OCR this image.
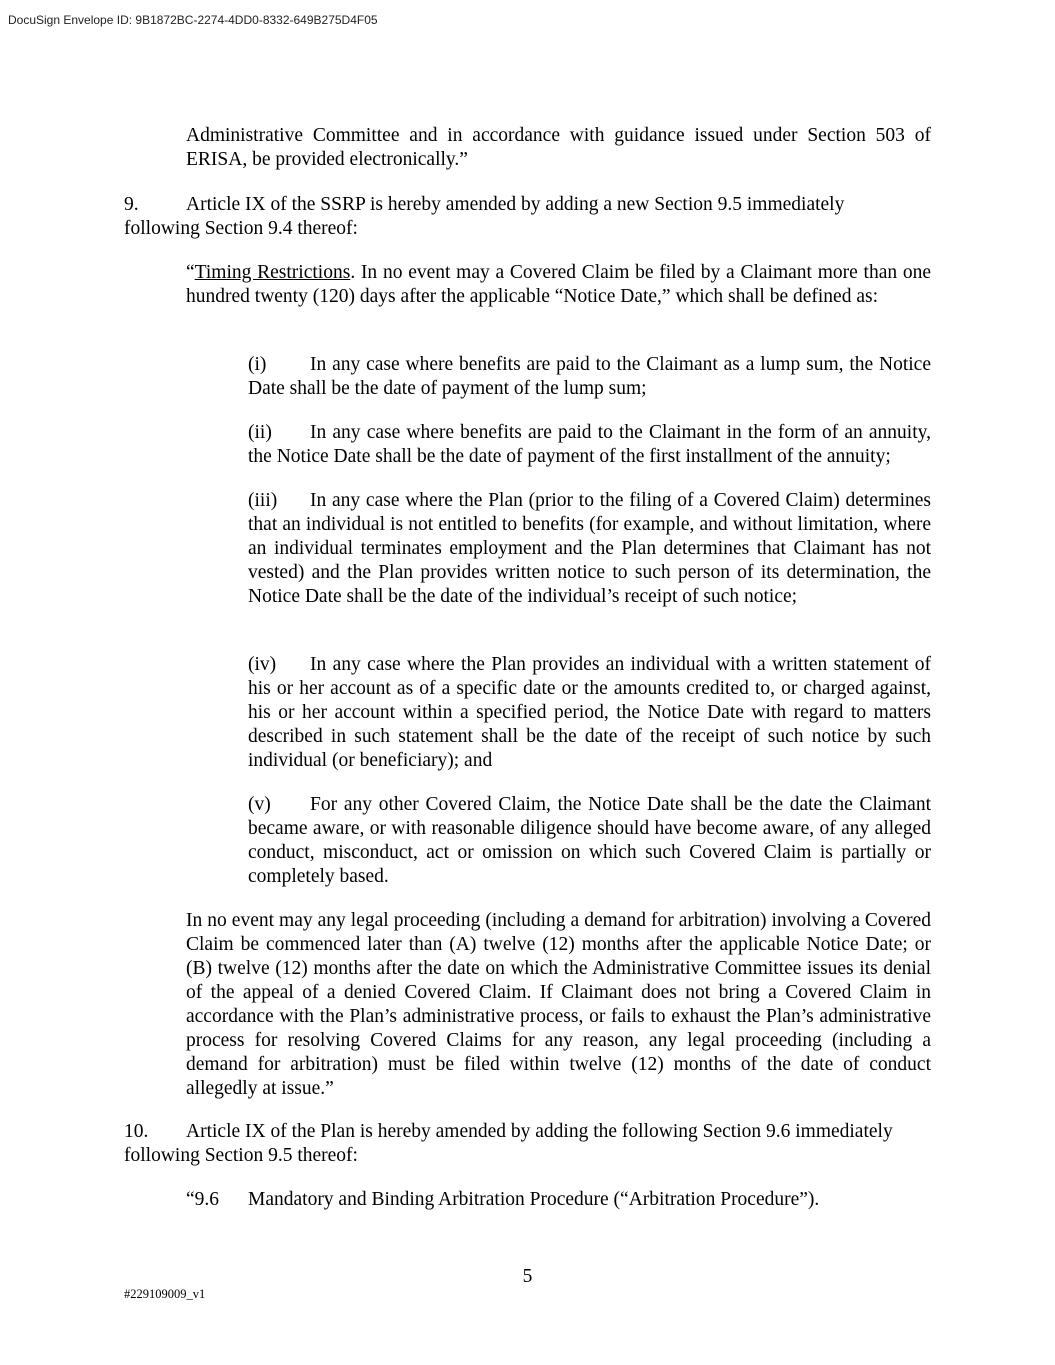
DocuSign Envelope ID: 9B1872BC-2274-4DD0-8332-649B275D4F05

Administrative Committee and in accordance with guidance issued under Section 503 of ERISA, be provided electronically.”

9. Article IX of the SSRP is hereby amended by adding a new Section 9.5 immediately following Section 9.4 thereof:

“Timing Restrictions. In no event may a Covered Claim be filed by a Claimant more than one hundred twenty (120) days after the applicable “Notice Date,” which shall be defined as:

(i) In any case where benefits are paid to the Claimant as a lump sum, the Notice Date shall be the date of payment of the lump sum;

(ii) In any case where benefits are paid to the Claimant in the form of an annuity, the Notice Date shall be the date of payment of the first installment of the annuity;

(iii) In any case where the Plan (prior to the filing of a Covered Claim) determines that an individual is not entitled to benefits (for example, and without limitation, where an individual terminates employment and the Plan determines that Claimant has not vested) and the Plan provides written notice to such person of its determination, the Notice Date shall be the date of the individual’s receipt of such notice;

(iv) In any case where the Plan provides an individual with a written statement of his or her account as of a specific date or the amounts credited to, or charged against, his or her account within a specified period, the Notice Date with regard to matters described in such statement shall be the date of the receipt of such notice by such individual (or beneficiary); and

(v) For any other Covered Claim, the Notice Date shall be the date the Claimant became aware, or with reasonable diligence should have become aware, of any alleged conduct, misconduct, act or omission on which such Covered Claim is partially or completely based.

In no event may any legal proceeding (including a demand for arbitration) involving a Covered Claim be commenced later than (A) twelve (12) months after the applicable Notice Date; or (B) twelve (12) months after the date on which the Administrative Committee issues its denial of the appeal of a denied Covered Claim. If Claimant does not bring a Covered Claim in accordance with the Plan’s administrative process, or fails to exhaust the Plan’s administrative process for resolving Covered Claims for any reason, any legal proceeding (including a demand for arbitration) must be filed within twelve (12) months of the date of conduct allegedly at issue.”

10. Article IX of the Plan is hereby amended by adding the following Section 9.6 immediately following Section 9.5 thereof:

“9.6 Mandatory and Binding Arbitration Procedure (“Arbitration Procedure”).

5
#229109009_v1
